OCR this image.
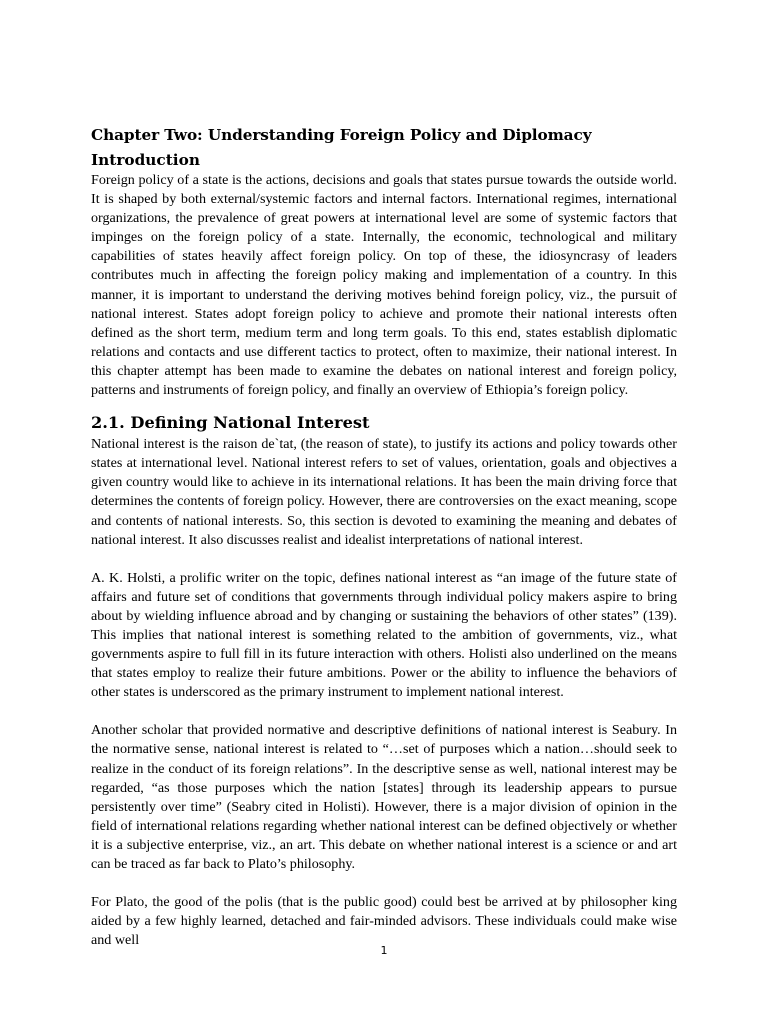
Chapter Two: Understanding Foreign Policy and Diplomacy
Introduction

Foreign policy of a state is the actions, decisions and goals that states pursue towards the outside world. It is shaped by both external/systemic factors and internal factors. International regimes, international organizations, the prevalence of great powers at international level are some of systemic factors that impinges on the foreign policy of a state. Internally, the economic, technological and military capabilities of states heavily affect foreign policy. On top of these, the idiosyncrasy of leaders contributes much in affecting the foreign policy making and implementation of a country. In this manner, it is important to understand the deriving motives behind foreign policy, viz., the pursuit of national interest. States adopt foreign policy to achieve and promote their national interests often defined as the short term, medium term and long term goals. To this end, states establish diplomatic relations and contacts and use different tactics to protect, often to maximize, their national interest. In this chapter attempt has been made to examine the debates on national interest and foreign policy, patterns and instruments of foreign policy, and finally an overview of Ethiopia’s foreign policy.

2.1. Defining National Interest

National interest is the raison de`tat, (the reason of state), to justify its actions and policy towards other states at international level. National interest refers to set of values, orientation, goals and objectives a given country would like to achieve in its international relations. It has been the main driving force that determines the contents of foreign policy. However, there are controversies on the exact meaning, scope and contents of national interests. So, this section is devoted to examining the meaning and debates of national interest. It also discusses realist and idealist interpretations of national interest.

A. K. Holsti, a prolific writer on the topic, defines national interest as “an image of the future state of affairs and future set of conditions that governments through individual policy makers aspire to bring about by wielding influence abroad and by changing or sustaining the behaviors of other states” (139). This implies that national interest is something related to the ambition of governments, viz., what governments aspire to full fill in its future interaction with others. Holisti also underlined on the means that states employ to realize their future ambitions. Power or the ability to influence the behaviors of other states is underscored as the primary instrument to implement national interest.

Another scholar that provided normative and descriptive definitions of national interest is Seabury. In the normative sense, national interest is related to “…set of purposes which a nation…should seek to realize in the conduct of its foreign relations”. In the descriptive sense as well, national interest may be regarded, “as those purposes which the nation [states] through its leadership appears to pursue persistently over time” (Seabry cited in Holisti). However, there is a major division of opinion in the field of international relations regarding whether national interest can be defined objectively or whether it is a subjective enterprise, viz., an art. This debate on whether national interest is a science or and art can be traced as far back to Plato’s philosophy.

For Plato, the good of the polis (that is the public good) could best be arrived at by philosopher king aided by a few highly learned, detached and fair-minded advisors. These individuals could make wise and well

1
